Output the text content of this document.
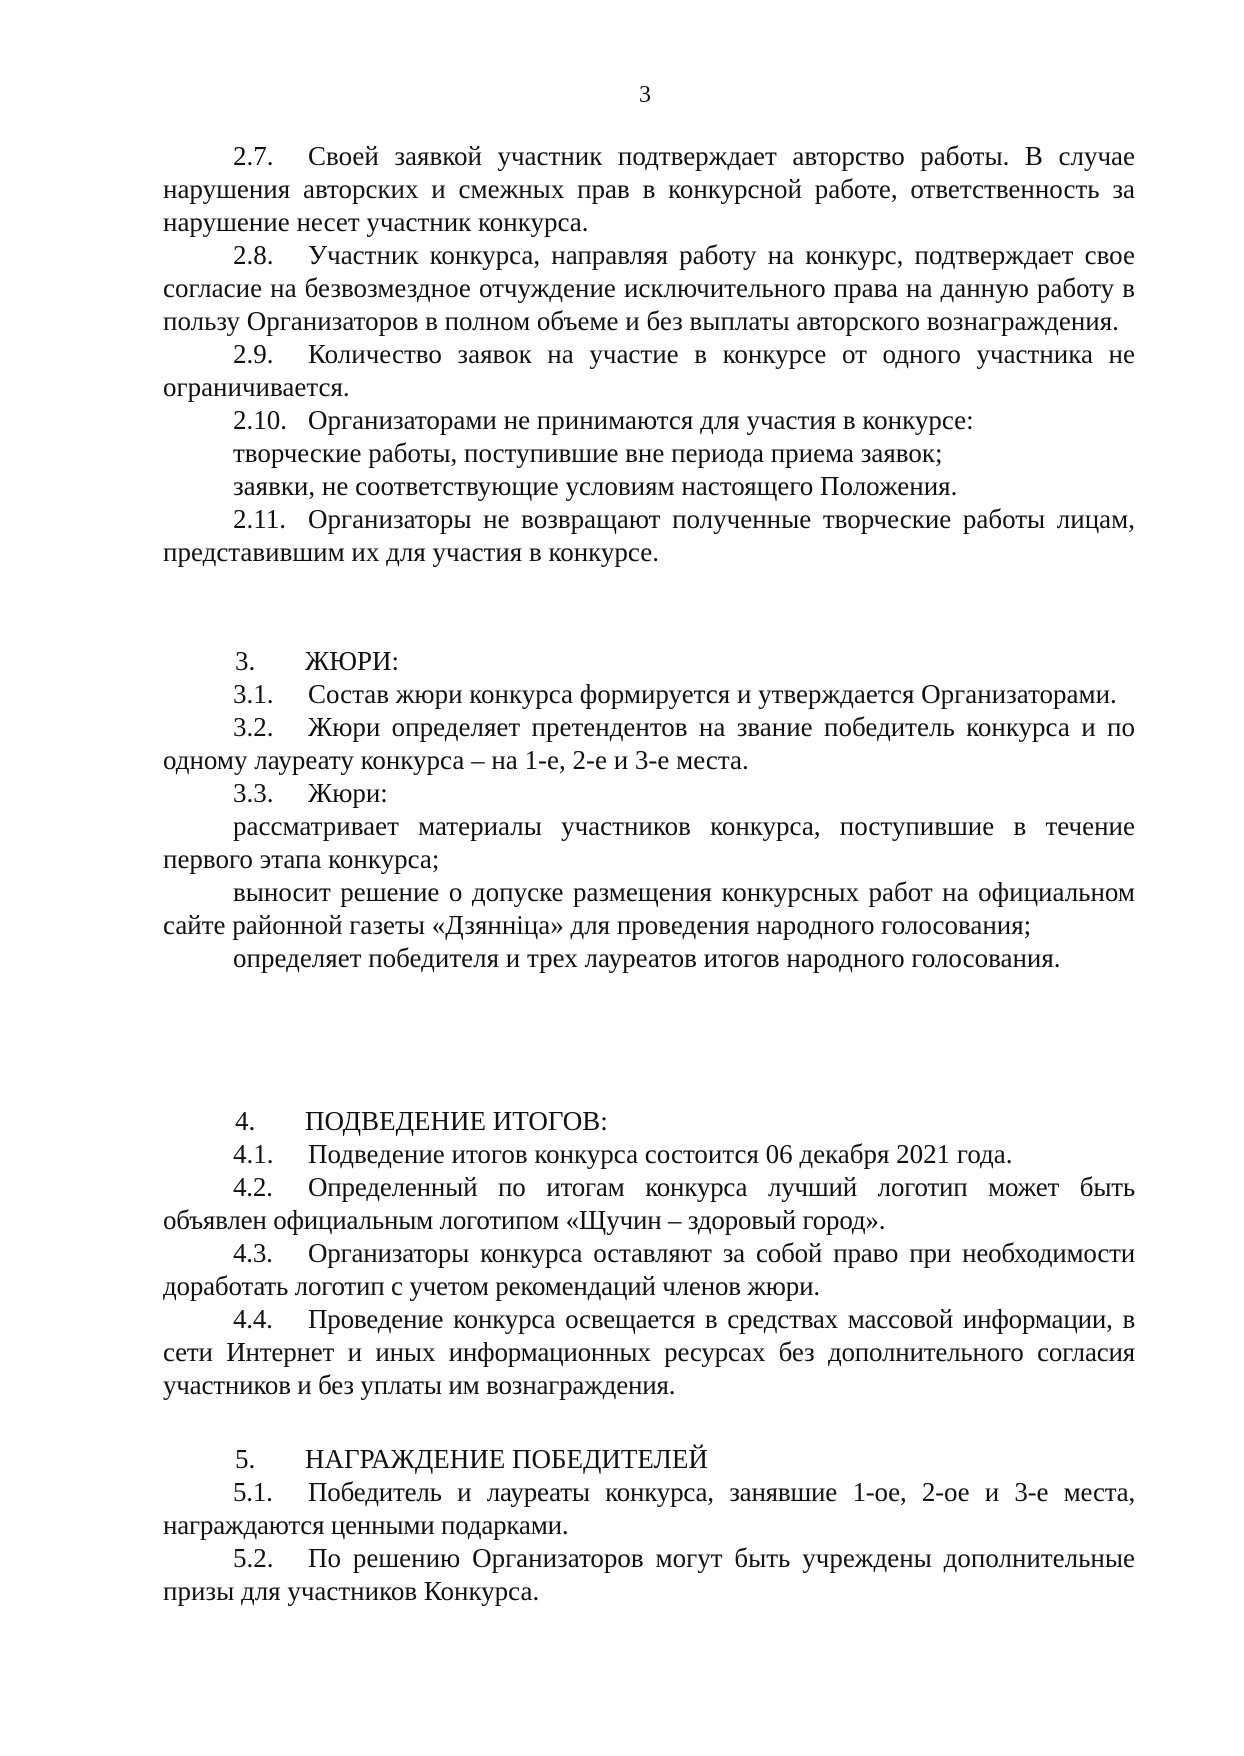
3

2.7. Своей заявкой участник подтверждает авторство работы. В случае нарушения авторских и смежных прав в конкурсной работе, ответственность за нарушение несет участник конкурса.

2.8. Участник конкурса, направляя работу на конкурс, подтверждает свое согласие на безвозмездное отчуждение исключительного права на данную работу в пользу Организаторов в полном объеме и без выплаты авторского вознаграждения.

2.9. Количество заявок на участие в конкурсе от одного участника не ограничивается.

2.10. Организаторами не принимаются для участия в конкурсе:

творческие работы, поступившие вне периода приема заявок;

заявки, не соответствующие условиям настоящего Положения.

2.11. Организаторы не возвращают полученные творческие работы лицам, представившим их для участия в конкурсе.

3. ЖЮРИ:

3.1. Состав жюри конкурса формируется и утверждается Организаторами.

3.2. Жюри определяет претендентов на звание победитель конкурса и по одному лауреату конкурса – на 1-е, 2-е и 3-е места.

3.3. Жюри:

рассматривает материалы участников конкурса, поступившие в течение первого этапа конкурса;

выносит решение о допуске размещения конкурсных работ на официальном сайте районной газеты «Дзяннiца» для проведения народного голосования;

определяет победителя и трех лауреатов итогов народного голосования.

4. ПОДВЕДЕНИЕ ИТОГОВ:

4.1. Подведение итогов конкурса состоится 06 декабря 2021 года.

4.2. Определенный по итогам конкурса лучший логотип может быть объявлен официальным логотипом «Щучин – здоровый город».

4.3. Организаторы конкурса оставляют за собой право при необходимости доработать логотип с учетом рекомендаций членов жюри.

4.4. Проведение конкурса освещается в средствах массовой информации, в сети Интернет и иных информационных ресурсах без дополнительного согласия участников и без уплаты им вознаграждения.

5. НАГРАЖДЕНИЕ ПОБЕДИТЕЛЕЙ

5.1. Победитель и лауреаты конкурса, занявшие 1-ое, 2-ое и 3-е места, награждаются ценными подарками.

5.2. По решению Организаторов могут быть учреждены дополнительные призы для участников Конкурса.
